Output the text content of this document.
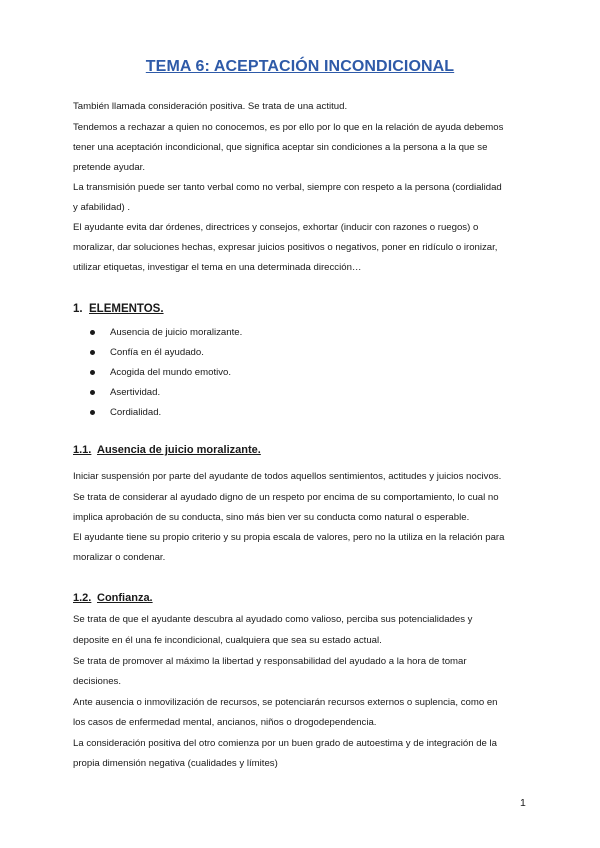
TEMA 6: ACEPTACIÓN INCONDICIONAL

También llamada consideración positiva. Se trata de una actitud.

Tendemos a rechazar a quien no conocemos, es por ello por lo que en la relación de ayuda debemos

tener una aceptación incondicional, que significa aceptar sin condiciones a la persona a la que se

pretende ayudar.

La transmisión puede ser tanto verbal como no verbal, siempre con respeto a la persona (cordialidad

y afabilidad) .

El ayudante evita dar órdenes, directrices y consejos, exhortar (inducir con razones o ruegos) o

moralizar, dar soluciones hechas, expresar juicios positivos o negativos, poner en ridículo o ironizar,

utilizar etiquetas, investigar el tema en una determinada dirección…

1. ELEMENTOS.
Ausencia de juicio moralizante.
Confía en él ayudado.
Acogida del mundo emotivo.
Asertividad.
Cordialidad.
1.1. Ausencia de juicio moralizante.

Iniciar suspensión por parte del ayudante de todos aquellos sentimientos, actitudes y juicios nocivos.

Se trata de considerar al ayudado digno de un respeto por encima de su comportamiento, lo cual no

implica aprobación de su conducta, sino más bien ver su conducta como natural o esperable.

El ayudante tiene su propio criterio y su propia escala de valores, pero no la utiliza en la relación para

moralizar o condenar.

1.2. Confianza.

Se trata de que el ayudante descubra al ayudado como valioso, perciba sus potencialidades y

deposite en él una fe incondicional, cualquiera que sea su estado actual.

Se trata de promover al máximo la libertad y responsabilidad del ayudado a la hora de tomar

decisiones.

Ante ausencia o inmovilización de recursos, se potenciarán recursos externos o suplencia, como en

los casos de enfermedad mental, ancianos, niños o drogodependencia.

La consideración positiva del otro comienza por un buen grado de autoestima y de integración de la

propia dimensión negativa (cualidades y límites)

1
